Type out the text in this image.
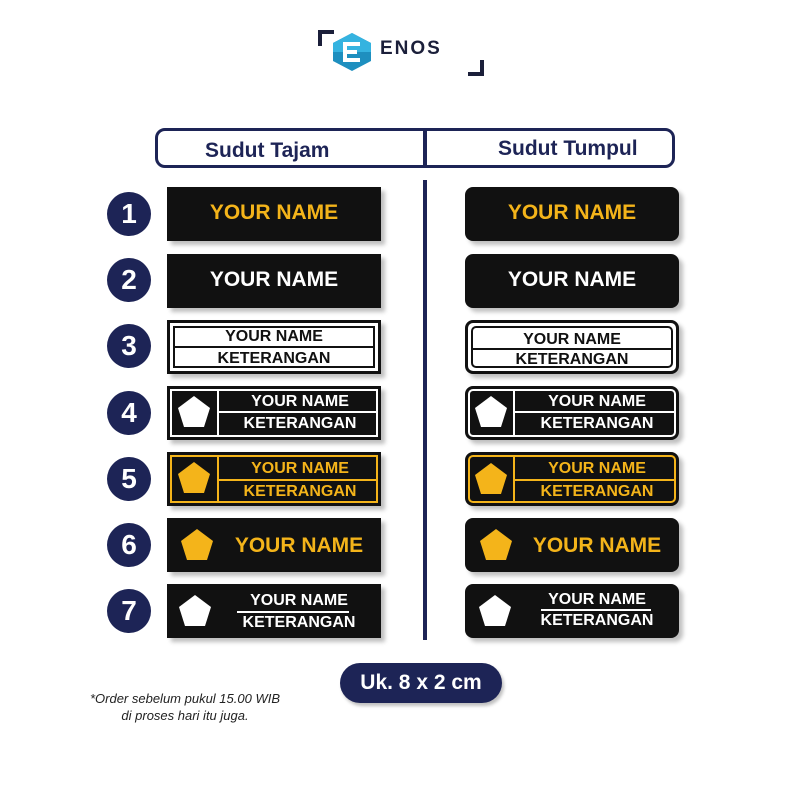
ENOS
Sudut Tajam	Sudut Tumpul
1
2
3
4
5
6
7
YOUR NAME
YOUR NAME
YOUR NAME
KETERANGAN
YOUR NAME
KETERANGAN
YOUR NAME
KETERANGAN
YOUR NAME
YOUR NAME
KETERANGAN
YOUR NAME
YOUR NAME
YOUR NAME
KETERANGAN
YOUR NAME
KETERANGAN
YOUR NAME
KETERANGAN
YOUR NAME
YOUR NAME
KETERANGAN
Uk. 8 x 2 cm
*Order sebelum pukul 15.00 WIB
di proses hari itu juga.
